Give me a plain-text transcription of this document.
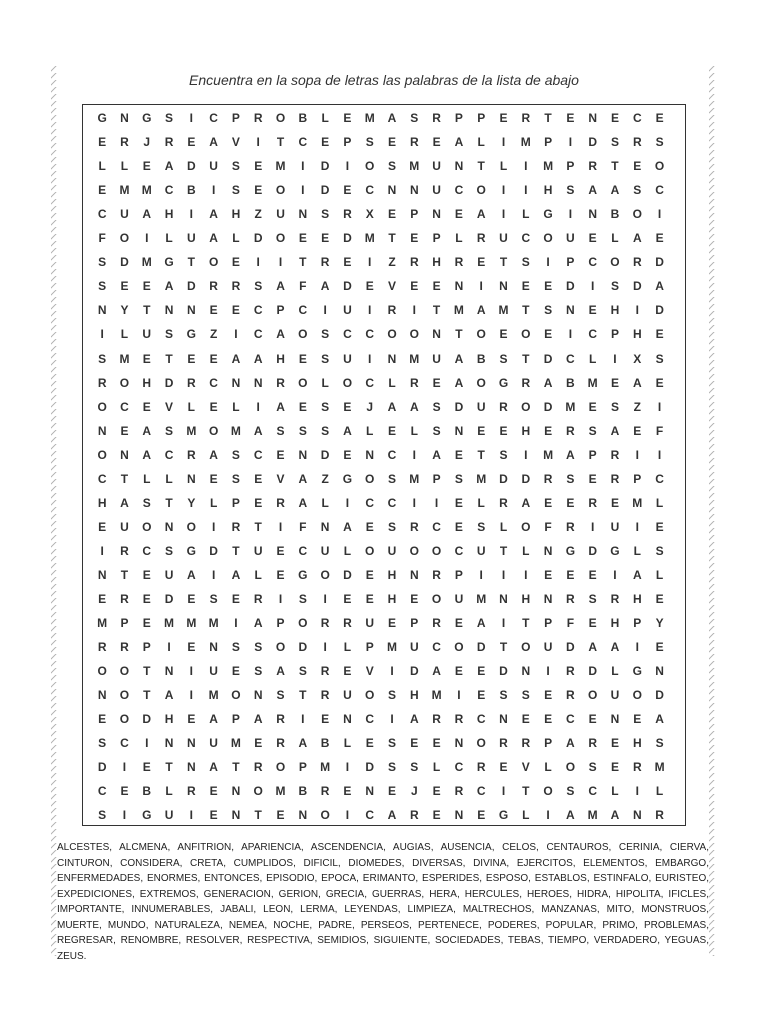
Encuentra en la sopa de letras las palabras de la lista de abajo
G	N	G	S	I	C	P	R	O	B	L	E	M	A	S	R	P	P	E	R	T	E	N	E	C	E
E	R	J	R	E	A	V	I	T	C	E	P	S	E	R	E	A	L	I	M	P	I	D	S	R	S
L	L	E	A	D	U	S	E	M	I	D	I	O	S	M	U	N	T	L	I	M	P	R	T	E	O
E	M	M	C	B	I	S	E	O	I	D	E	C	N	N	U	C	O	I	I	H	S	A	A	S	C
C	U	A	H	I	A	H	Z	U	N	S	R	X	E	P	N	E	A	I	L	G	I	N	B	O	I
F	O	I	L	U	A	L	D	O	E	E	D	M	T	E	P	L	R	U	C	O	U	E	L	A	E
S	D	M	G	T	O	E	I	I	T	R	E	I	Z	R	H	R	E	T	S	I	P	C	O	R	D
S	E	E	A	D	R	R	S	A	F	A	D	E	V	E	E	N	I	N	E	E	D	I	S	D	A
N	Y	T	N	N	E	E	C	P	C	I	U	I	R	I	T	M	A	M	T	S	N	E	H	I	D
I	L	U	S	G	Z	I	C	A	O	S	C	C	O	O	N	T	O	E	O	E	I	C	P	H	E
S	M	E	T	E	E	A	A	H	E	S	U	I	N	M	U	A	B	S	T	D	C	L	I	X	S
R	O	H	D	R	C	N	N	R	O	L	O	C	L	R	E	A	O	G	R	A	B	M	E	A	E
O	C	E	V	L	E	L	I	A	E	S	E	J	A	A	S	D	U	R	O	D	M	E	S	Z	I
N	E	A	S	M	O	M	A	S	S	S	A	L	E	L	S	N	E	E	H	E	R	S	A	E	F
O	N	A	C	R	A	S	C	E	N	D	E	N	C	I	A	E	T	S	I	M	A	P	R	I	I
C	T	L	L	N	E	S	E	V	A	Z	G	O	S	M	P	S	M	D	D	R	S	E	R	P	C
H	A	S	T	Y	L	P	E	R	A	L	I	C	C	I	I	E	L	R	A	E	E	R	E	M	L
E	U	O	N	O	I	R	T	I	F	N	A	E	S	R	C	E	S	L	O	F	R	I	U	I	E
I	R	C	S	G	D	T	U	E	C	U	L	O	U	O	O	C	U	T	L	N	G	D	G	L	S
N	T	E	U	A	I	A	L	E	G	O	D	E	H	N	R	P	I	I	I	E	E	E	I	A	L
E	R	E	D	E	S	E	R	I	S	I	E	E	H	E	O	U	M	N	H	N	R	S	R	H	E
M	P	E	M	M	M	I	A	P	O	R	R	U	E	P	R	E	A	I	T	P	F	E	H	P	Y
R	R	P	I	E	N	S	S	O	D	I	L	P	M	U	C	O	D	T	O	U	D	A	A	I	E
O	O	T	N	I	U	E	S	A	S	R	E	V	I	D	A	E	E	D	N	I	R	D	L	G	N
N	O	T	A	I	M	O	N	S	T	R	U	O	S	H	M	I	E	S	S	E	R	O	U	O	D
E	O	D	H	E	A	P	A	R	I	E	N	C	I	A	R	R	C	N	E	E	C	E	N	E	A
S	C	I	N	N	U	M	E	R	A	B	L	E	S	E	E	N	O	R	R	P	A	R	E	H	S
D	I	E	T	N	A	T	R	O	P	M	I	D	S	S	L	C	R	E	V	L	O	S	E	R	M
C	E	B	L	R	E	N	O	M	B	R	E	N	E	J	E	R	C	I	T	O	S	C	L	I	L
S	I	G	U	I	E	N	T	E	N	O	I	C	A	R	E	N	E	G	L	I	A	M	A	N	R
ALCESTES, ALCMENA, ANFITRION, APARIENCIA, ASCENDENCIA, AUGIAS, AUSENCIA, CELOS, CENTAUROS, CERINIA, CIERVA, CINTURON, CONSIDERA, CRETA, CUMPLIDOS, DIFICIL, DIOMEDES, DIVERSAS, DIVINA, EJERCITOS, ELEMENTOS, EMBARGO, ENFERMEDADES, ENORMES, ENTONCES, EPISODIO, EPOCA, ERIMANTO, ESPERIDES, ESPOSO, ESTABLOS, ESTINFALO, EURISTEO, EXPEDICIONES, EXTREMOS, GENERACION, GERION, GRECIA, GUERRAS, HERA, HERCULES, HEROES, HIDRA, HIPOLITA, IFICLES, IMPORTANTE, INNUMERABLES, JABALI, LEON, LERMA, LEYENDAS, LIMPIEZA, MALTRECHOS, MANZANAS, MITO, MONSTRUOS, MUERTE, MUNDO, NATURALEZA, NEMEA, NOCHE, PADRE, PERSEOS, PERTENECE, PODERES, POPULAR, PRIMO, PROBLEMAS, REGRESAR, RENOMBRE, RESOLVER, RESPECTIVA, SEMIDIOS, SIGUIENTE, SOCIEDADES, TEBAS, TIEMPO, VERDADERO, YEGUAS, ZEUS.
